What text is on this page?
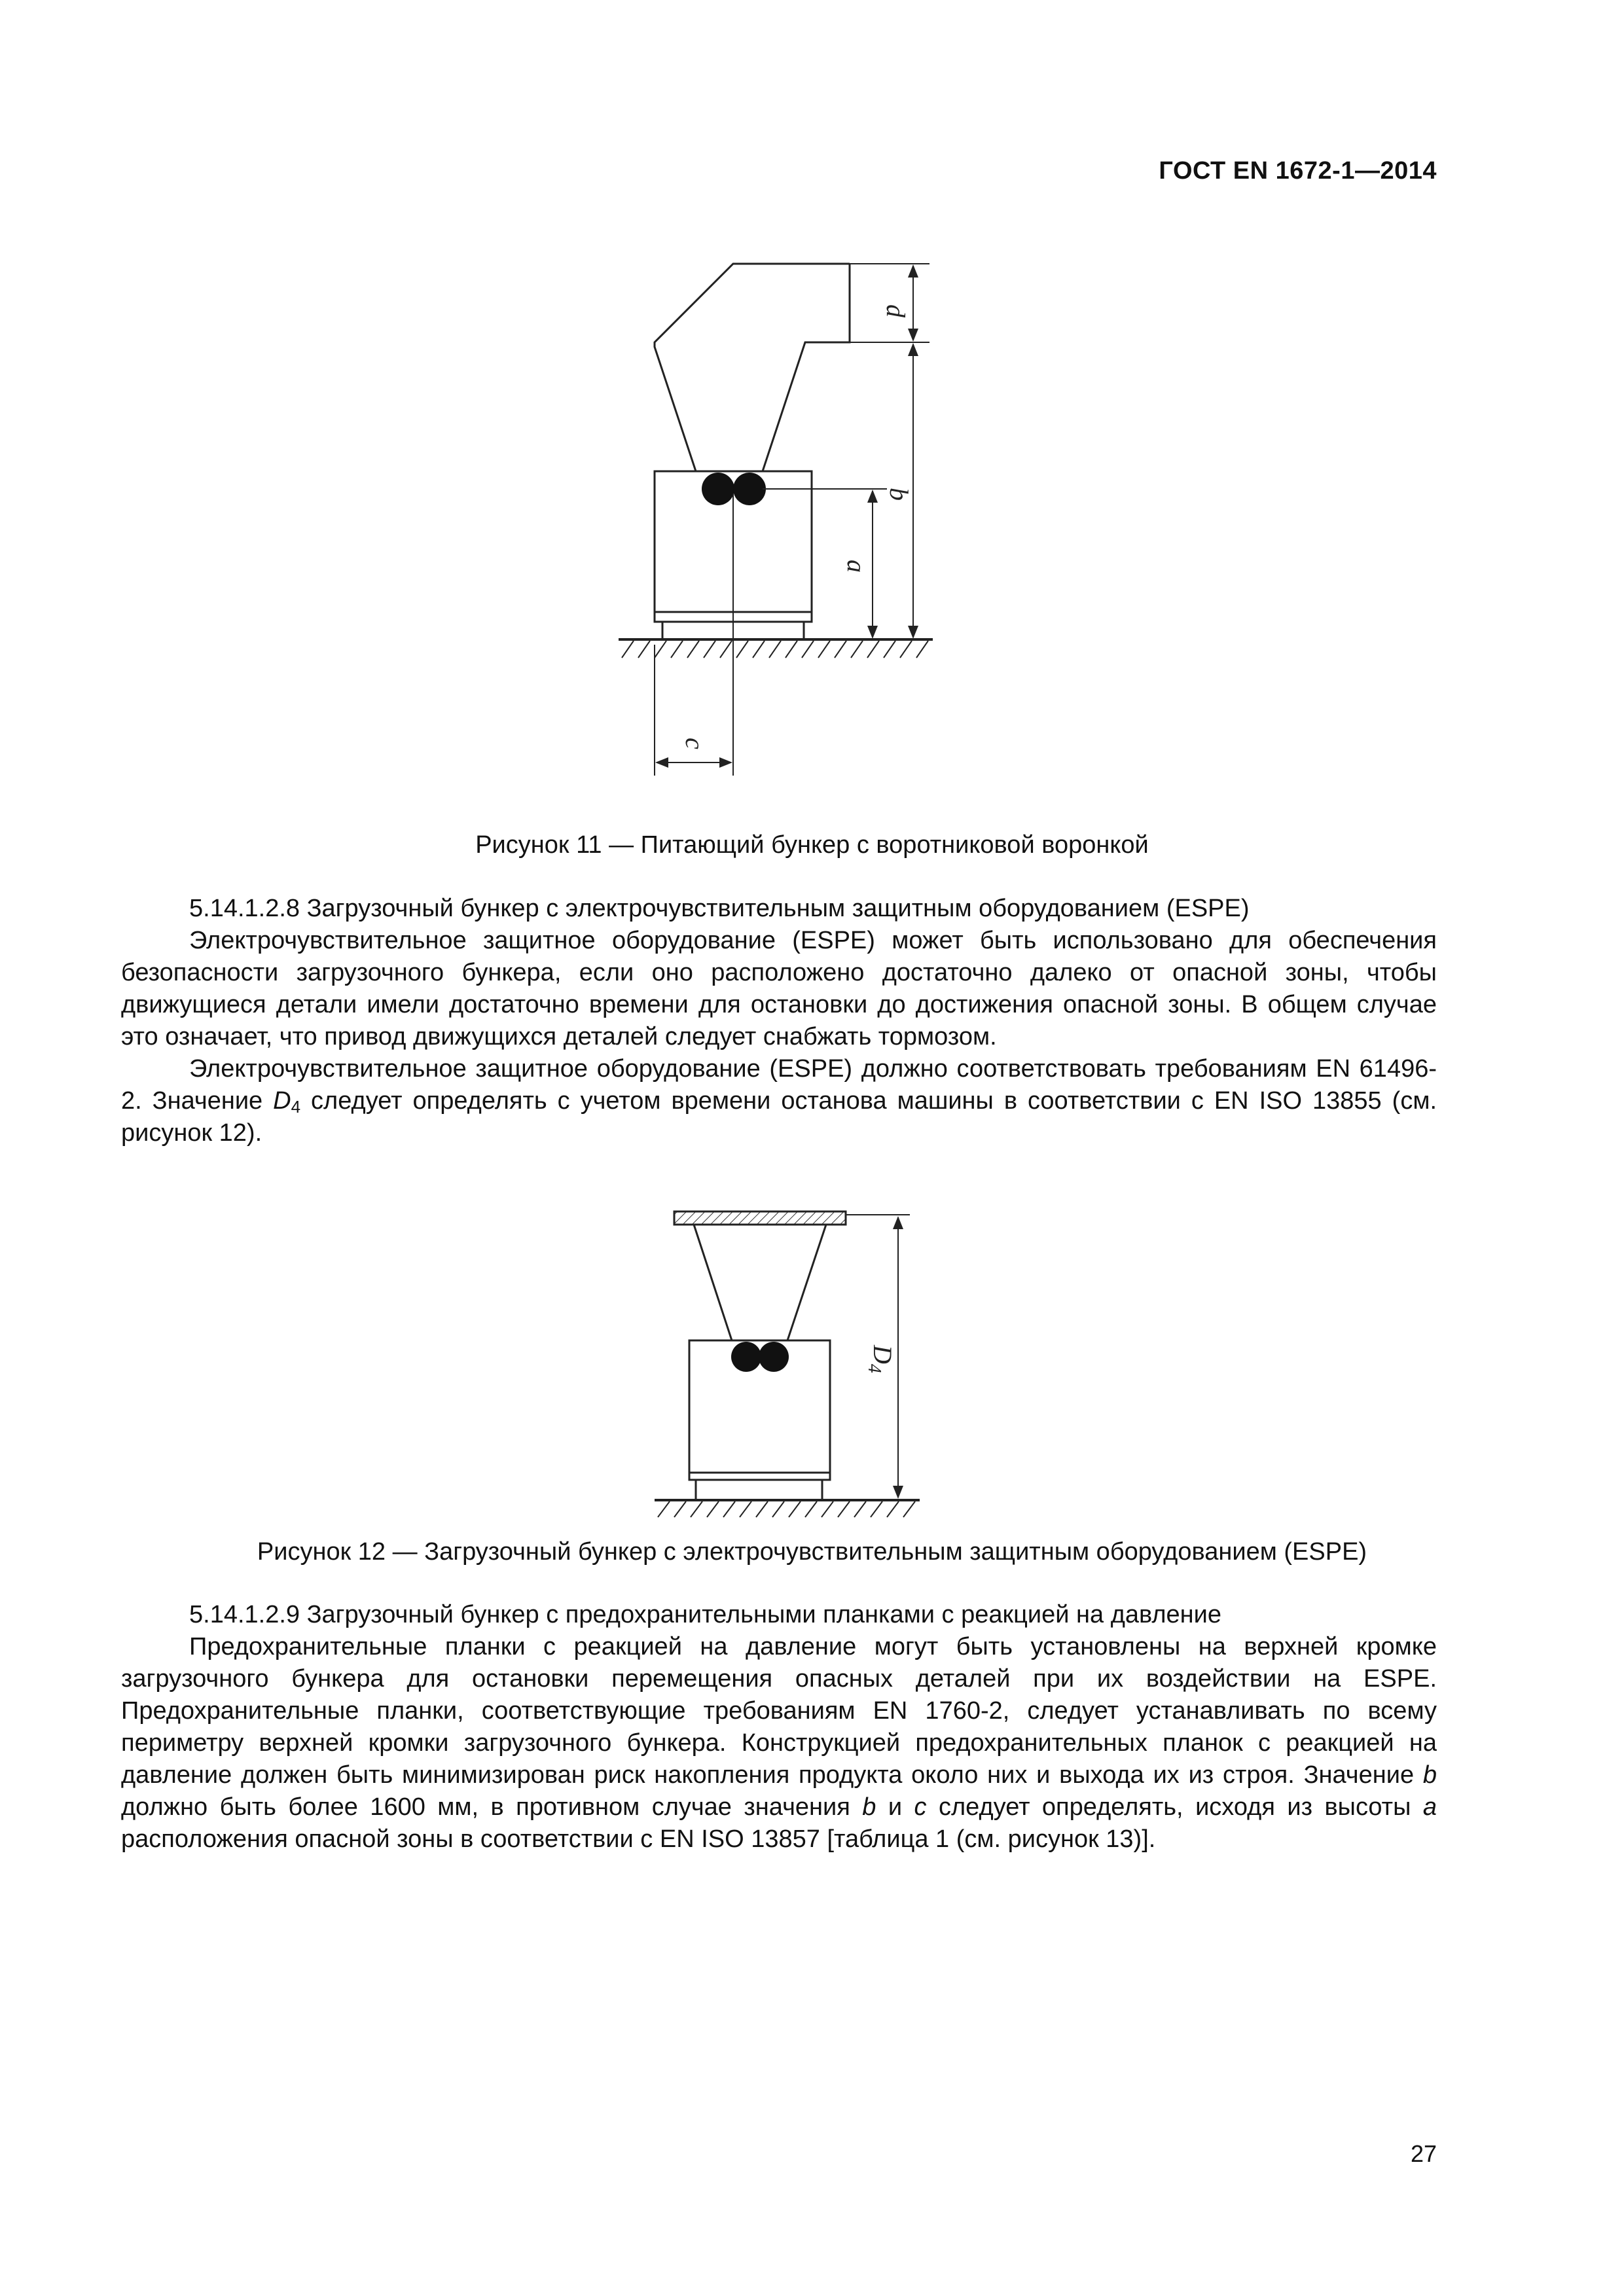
ГОСТ EN 1672-1—2014
d
b
a
c
Рисунок 11 — Питающий бункер с воротниковой воронкой

5.14.1.2.8 Загрузочный бункер с электрочувствительным защитным оборудованием (ESPE)

Электрочувствительное защитное оборудование (ESPE) может быть использовано для обеспечения безопасности загрузочного бункера, если оно расположено достаточно далеко от опасной зоны, чтобы движущиеся детали имели достаточно времени для остановки до достижения опасной зоны. В общем случае это означает, что привод движущихся деталей следует снабжать тормозом.

Электрочувствительное защитное оборудование (ESPE) должно соответствовать требованиям EN 61496-2. Значение $D_4$ следует определять с учетом времени останова машины в соответствии с EN ISO 13855 (см. рисунок 12).

D4
Рисунок 12 — Загрузочный бункер с электрочувствительным защитным оборудованием (ESPE)

5.14.1.2.9 Загрузочный бункер с предохранительными планками с реакцией на давление

Предохранительные планки с реакцией на давление могут быть установлены на верхней кромке загрузочного бункера для остановки перемещения опасных деталей при их воздействии на ESPE. Предохранительные планки, соответствующие требованиям EN 1760-2, следует устанавливать по всему периметру верхней кромки загрузочного бункера. Конструкцией предохранительных планок с реакцией на давление должен быть минимизирован риск накопления продукта около них и выхода их из строя. Значение b должно быть более 1600 мм, в противном случае значения b и c следует определять, исходя из высоты a расположения опасной зоны в соответствии с EN ISO 13857 [таблица 1 (см. рисунок 13)].

27
